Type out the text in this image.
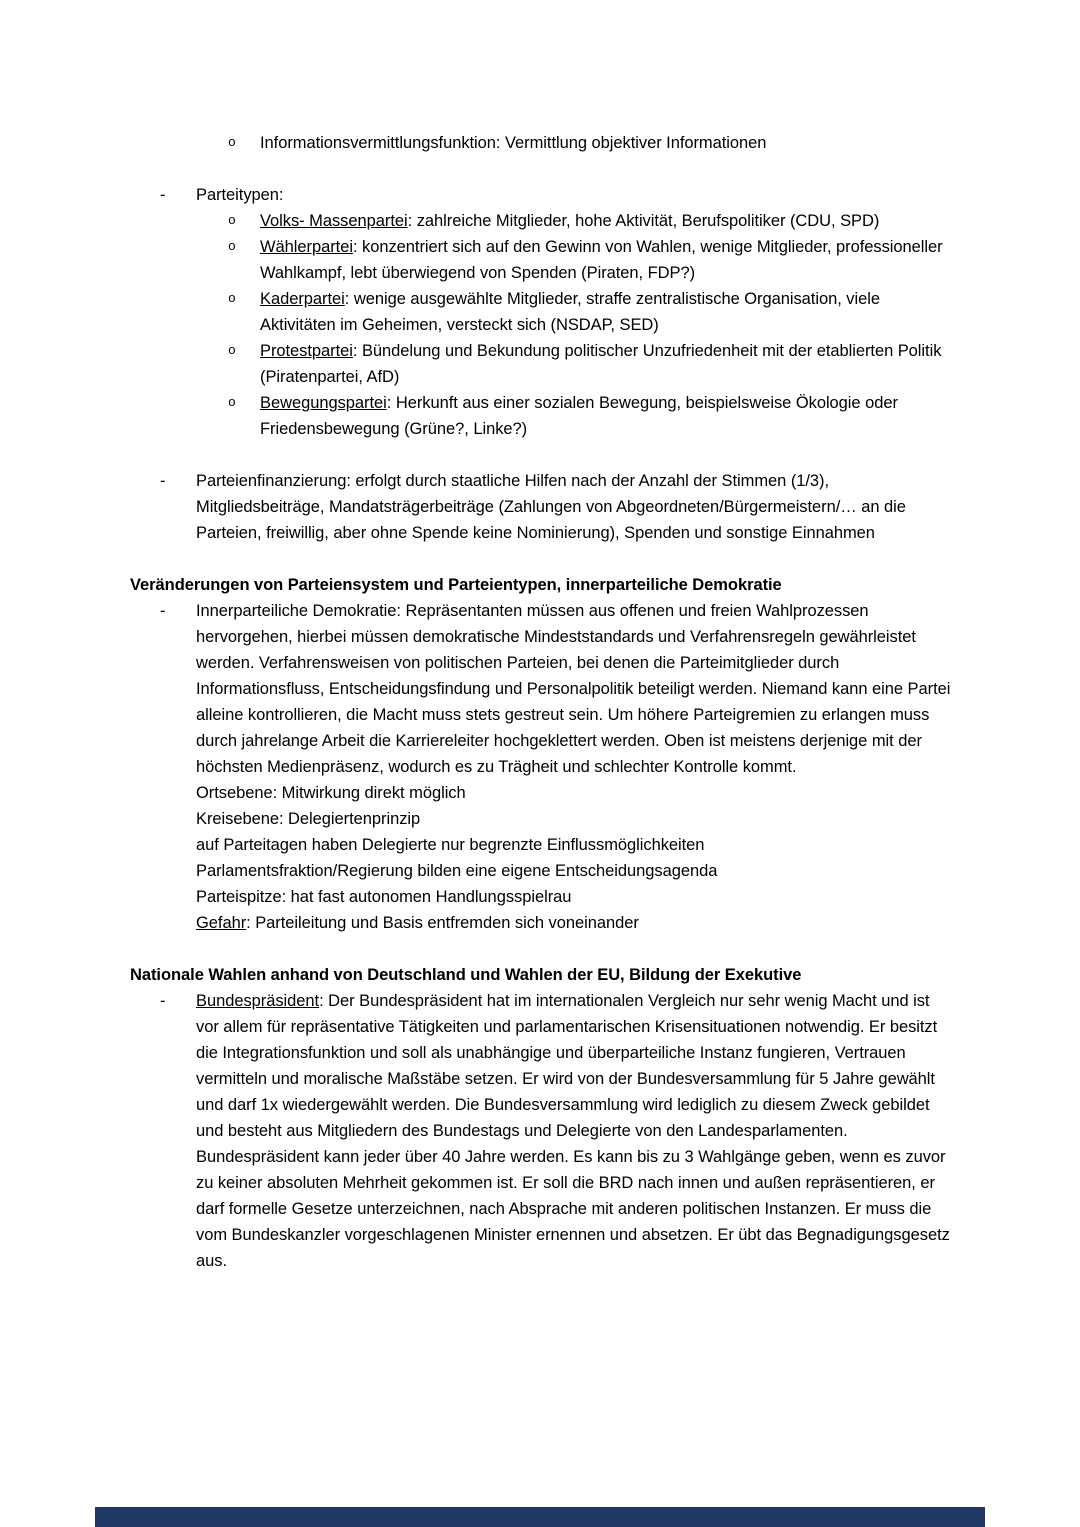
o	Informationsvermittlungsfunktion: Vermittlung objektiver Informationen
-	Parteitypen:
o	Volks- Massenpartei: zahlreiche Mitglieder, hohe Aktivität, Berufspolitiker (CDU, SPD)
o	Wählerpartei: konzentriert sich auf den Gewinn von Wahlen, wenige Mitglieder, professioneller Wahlkampf, lebt überwiegend von Spenden (Piraten, FDP?)
o	Kaderpartei: wenige ausgewählte Mitglieder, straffe zentralistische Organisation, viele Aktivitäten im Geheimen, versteckt sich (NSDAP, SED)
o	Protestpartei: Bündelung und Bekundung politischer Unzufriedenheit mit der etablierten Politik (Piratenpartei, AfD)
o	Bewegungspartei: Herkunft aus einer sozialen Bewegung, beispielsweise Ökologie oder Friedensbewegung (Grüne?, Linke?)
-	Parteienfinanzierung: erfolgt durch staatliche Hilfen nach der Anzahl der Stimmen (1/3), Mitgliedsbeiträge, Mandatsträgerbeiträge (Zahlungen von Abgeordneten/Bürgermeistern/… an die Parteien, freiwillig, aber ohne Spende keine Nominierung), Spenden und sonstige Einnahmen
Veränderungen von Parteiensystem und Parteientypen, innerparteiliche Demokratie
-	Innerparteiliche Demokratie: Repräsentanten müssen aus offenen und freien Wahlprozessen hervorgehen, hierbei müssen demokratische Mindeststandards und Verfahrensregeln gewährleistet werden. Verfahrensweisen von politischen Parteien, bei denen die Parteimitglieder durch Informationsfluss, Entscheidungsfindung und Personalpolitik beteiligt werden. Niemand kann eine Partei alleine kontrollieren, die Macht muss stets gestreut sein. Um höhere Parteigremien zu erlangen muss durch jahrelange Arbeit die Karriereleiter hochgeklettert werden. Oben ist meistens derjenige mit der höchsten Medienpräsenz, wodurch es zu Trägheit und schlechter Kontrolle kommt.
Ortsebene: Mitwirkung direkt möglich
Kreisebene: Delegiertenprinzip
auf Parteitagen haben Delegierte nur begrenzte Einflussmöglichkeiten
Parlamentsfraktion/Regierung bilden eine eigene Entscheidungsagenda
Parteispitze: hat fast autonomen Handlungsspielrau
Gefahr: Parteileitung und Basis entfremden sich voneinander
Nationale Wahlen anhand von Deutschland und Wahlen der EU, Bildung der Exekutive
-	Bundespräsident: Der Bundespräsident hat im internationalen Vergleich nur sehr wenig Macht und ist vor allem für repräsentative Tätigkeiten und parlamentarischen Krisensituationen notwendig. Er besitzt die Integrationsfunktion und soll als unabhängige und überparteiliche Instanz fungieren, Vertrauen vermitteln und moralische Maßstäbe setzen. Er wird von der Bundesversammlung für 5 Jahre gewählt und darf 1x wiedergewählt werden. Die Bundesversammlung wird lediglich zu diesem Zweck gebildet und besteht aus Mitgliedern des Bundestags und Delegierte von den Landesparlamenten. Bundespräsident kann jeder über 40 Jahre werden. Es kann bis zu 3 Wahlgänge geben, wenn es zuvor zu keiner absoluten Mehrheit gekommen ist. Er soll die BRD nach innen und außen repräsentieren, er darf formelle Gesetze unterzeichnen, nach Absprache mit anderen politischen Instanzen. Er muss die vom Bundeskanzler vorgeschlagenen Minister ernennen und absetzen. Er übt das Begnadigungsgesetz aus.
